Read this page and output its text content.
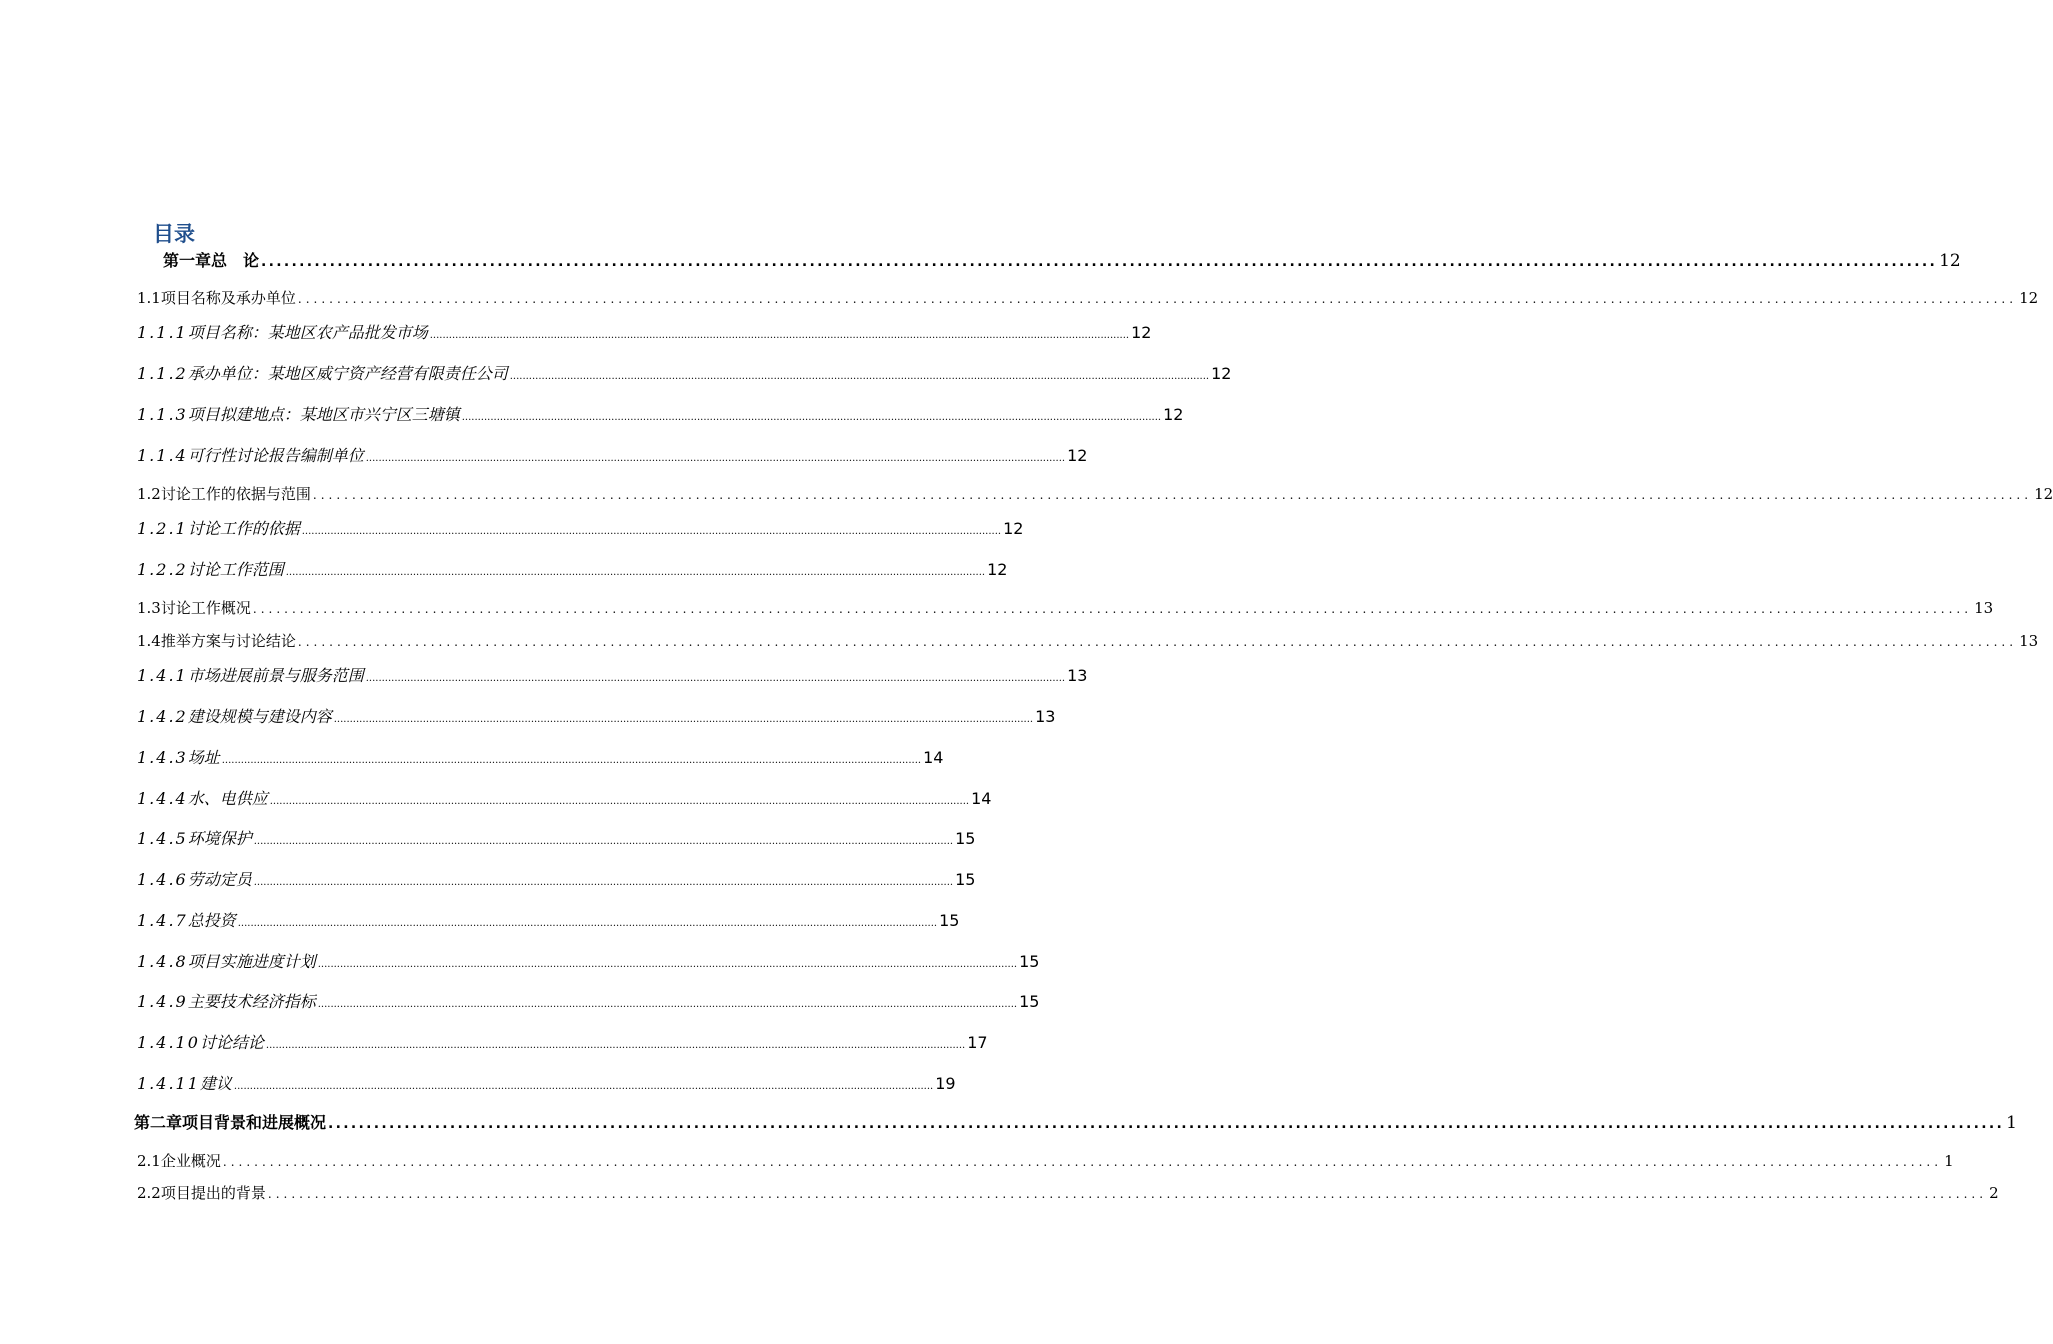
目录
第一章 总　论 ............................................................................................................................................................................................................................ 12
1.1 项目名称及承办单位 ............................................................................................................................................................................................................................ 12
1.1.1 项目名称：某地区农产品批发市场 ............................................................................................................................................................................................................................ 12
1.1.2 承办单位：某地区威宁资产经营有限责任公司 ............................................................................................................................................................................................................................ 12
1.1.3 项目拟建地点：某地区市兴宁区三塘镇 ............................................................................................................................................................................................................................ 12
1.1.4 可行性讨论报告编制单位 ............................................................................................................................................................................................................................ 12
1.2 讨论工作的依据与范围 ............................................................................................................................................................................................................................ 12
1.2.1 讨论工作的依据 ............................................................................................................................................................................................................................ 12
1.2.2 讨论工作范围 ............................................................................................................................................................................................................................ 12
1.3 讨论工作概况 ............................................................................................................................................................................................................................ 13
1.4 推举方案与讨论结论 ............................................................................................................................................................................................................................ 13
1.4.1 市场进展前景与服务范围 ............................................................................................................................................................................................................................ 13
1.4.2 建设规模与建设内容 ............................................................................................................................................................................................................................ 13
1.4.3 场址 ............................................................................................................................................................................................................................ 14
1.4.4 水、电供应 ............................................................................................................................................................................................................................ 14
1.4.5 环境保护 ............................................................................................................................................................................................................................ 15
1.4.6 劳动定员 ............................................................................................................................................................................................................................ 15
1.4.7 总投资 ............................................................................................................................................................................................................................ 15
1.4.8 项目实施进度计划 ............................................................................................................................................................................................................................ 15
1.4.9 主要技术经济指标 ............................................................................................................................................................................................................................ 15
1.4.10 讨论结论 ............................................................................................................................................................................................................................ 17
1.4.11 建议 ............................................................................................................................................................................................................................ 19
第二章 项目背景和进展概况 ............................................................................................................................................................................................................................ 1
2.1 企业概况 ............................................................................................................................................................................................................................ 1
2.2 项目提出的背景 ............................................................................................................................................................................................................................ 2
